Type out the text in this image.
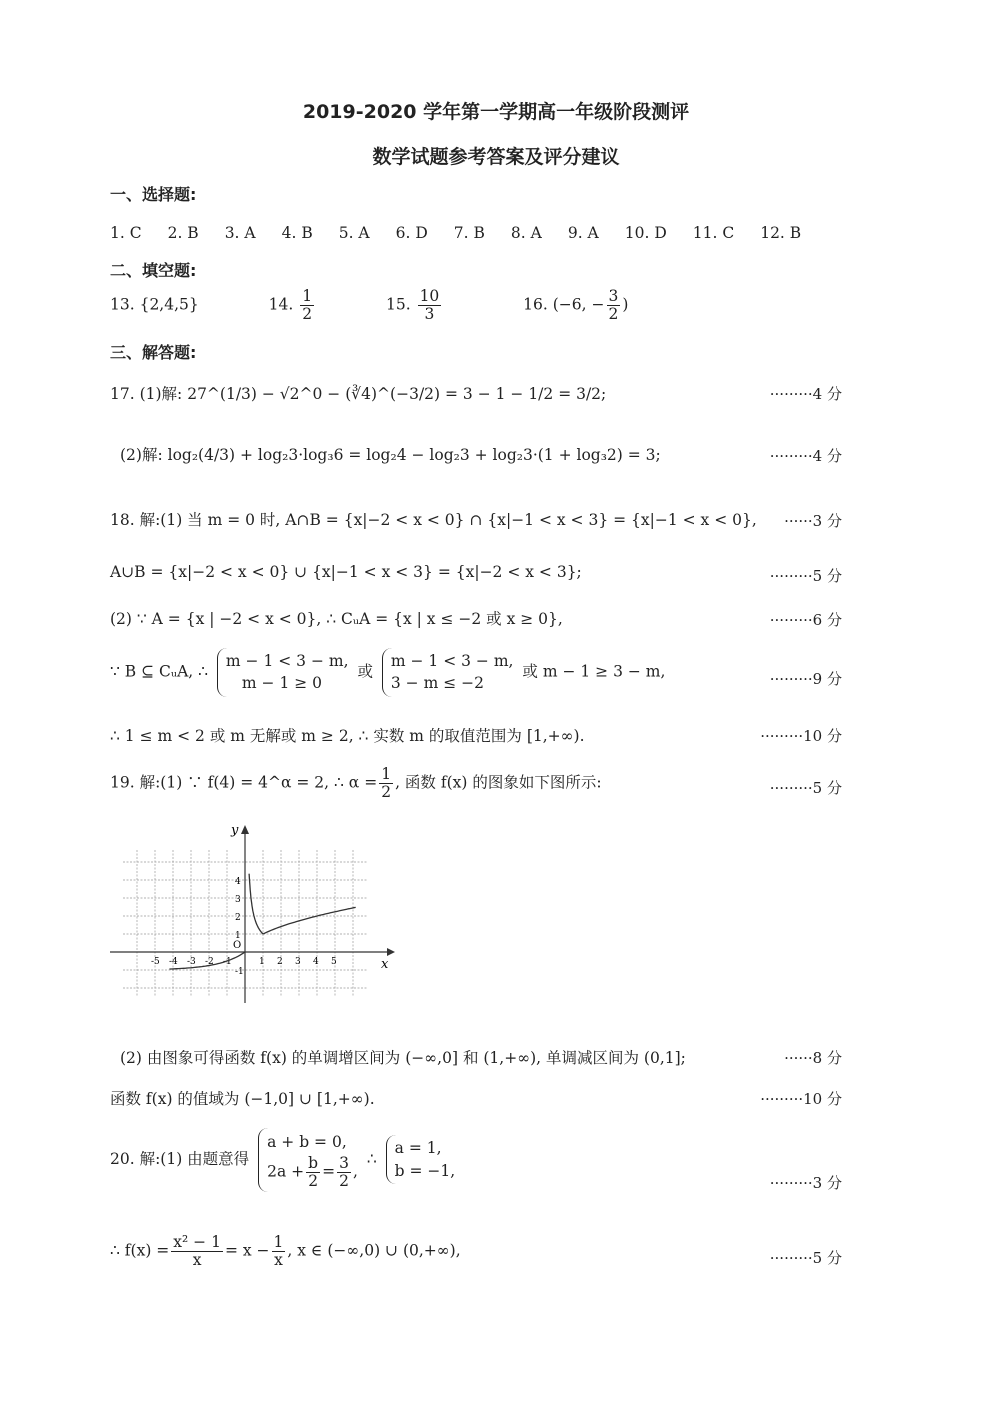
2019-2020 学年第一学期高一年级阶段测评
数学试题参考答案及评分建议
一、选择题:
1. C 2. B 3. A 4. B 5. A 6. D 7. B 8. A 9. A 10. D 11. C 12. B
二、填空题:
13. {2,4,5}	14. $\frac{1}{2}$	15. $\frac{10}{3}$	16. (−6, − $\frac{3}{2}$ )
三、解答题:
17. (1)解: 27^(1/3) − √2^0 − (∛4)^(−3/2) = 3 − 1 − 1/2 = 3/2;	·········4 分
(2)解: log₂(4/3) + log₂3·log₃6 = log₂4 − log₂3 + log₂3·(1 + log₃2) = 3;	·········4 分
18. 解:(1) 当 m = 0 时, A∩B = {x|−2 < x < 0} ∩ {x|−1 < x < 3} = {x|−1 < x < 0}, ······3 分
A∪B = {x|−2 < x < 0} ∪ {x|−1 < x < 3} = {x|−2 < x < 3};	·········5 分
(2) ∵ A = {x | −2 < x < 0}, ∴ CᵤA = {x | x ≤ −2 或 x ≥ 0},	·········6 分
∵ B ⊆ CᵤA, ∴
m − 1 < 3 − m,
m − 1 ≥ 0
或
m − 1 < 3 − m,
3 − m ≤ −2
或 m − 1 ≥ 3 − m,	·········9 分
∴ 1 ≤ m < 2 或 m 无解或 m ≥ 2, ∴ 实数 m 的取值范围为 [1,+∞).	·········10 分
19. 解:(1) ∵ f(4) = 4^α = 2, ∴ $\alpha = \frac{1}{2}$ , 函数 f(x) 的图象如下图所示:	·········5 分
x
y
O
-5 -4 -3 -2 -1	1 2 3 4 5
4
3
2
1
-1
(2) 由图象可得函数 f(x) 的单调增区间为 (−∞,0] 和 (1,+∞), 单调减区间为 (0,1];	······8 分
函数 f(x) 的值域为 (−1,0] ∪ [1,+∞).	·········10 分
20. 解:(1) 由题意得
a + b = 0,
$2a + \frac{b}{2} = \frac{3}{2}$ ,
∴
a = 1,
b = −1,
·········3 分
∴ $f(x) = \frac{\text{x² − 1}}{x} = x - \frac{1}{x}$ , x ∈ (−∞,0) ∪ (0,+∞),	·········5 分
